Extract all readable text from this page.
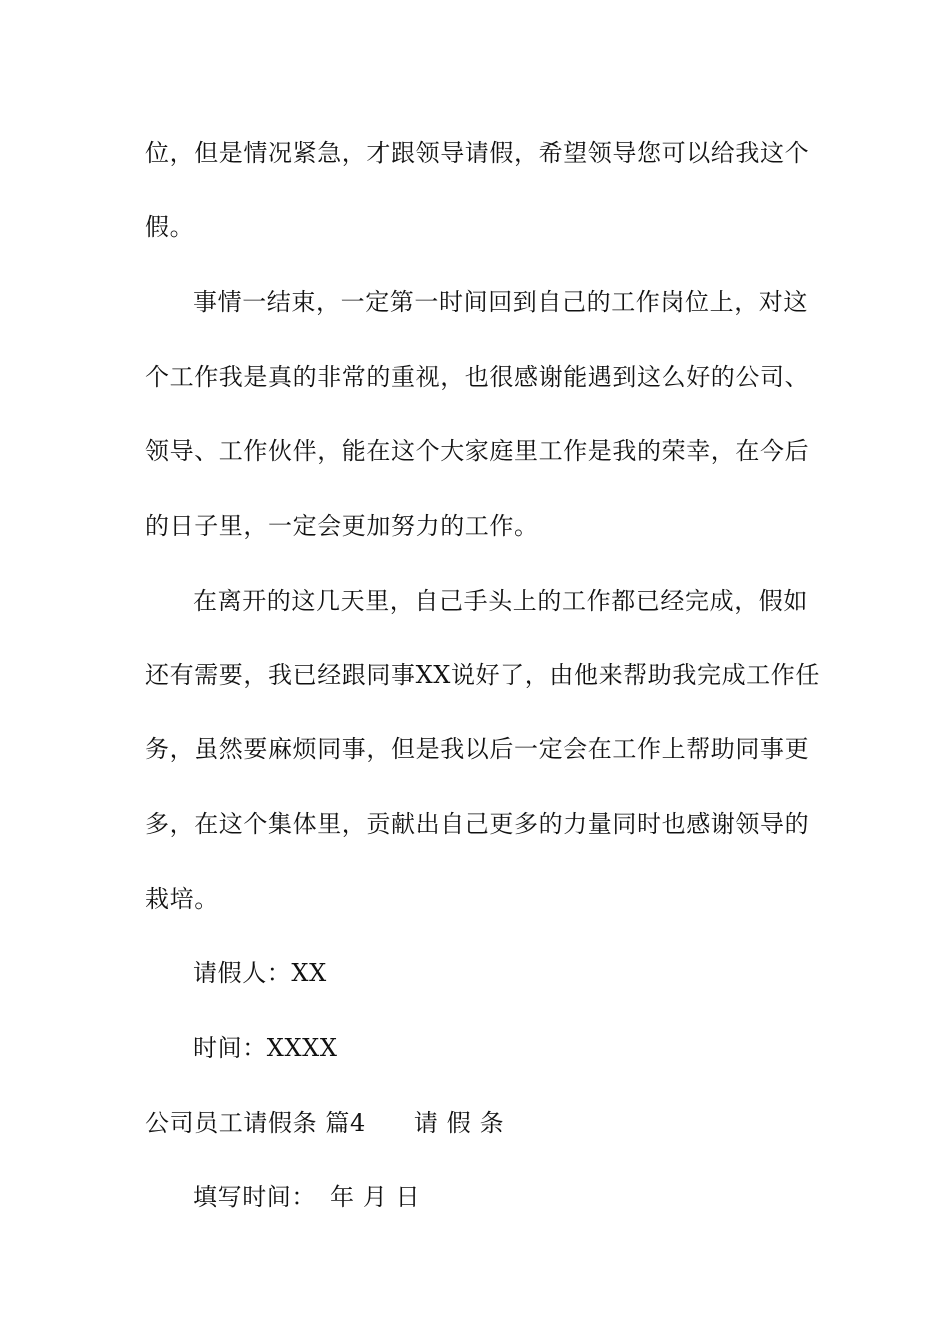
位，但是情况紧急，才跟领导请假，希望领导您可以给我这个
假。
事情一结束，一定第一时间回到自己的工作岗位上，对这
个工作我是真的非常的重视，也很感谢能遇到这么好的公司、
领导、工作伙伴，能在这个大家庭里工作是我的荣幸，在今后
的日子里，一定会更加努力的工作。
在离开的这几天里，自己手头上的工作都已经完成，假如
还有需要，我已经跟同事XX说好了，由他来帮助我完成工作任
务，虽然要麻烦同事，但是我以后一定会在工作上帮助同事更
多，在这个集体里，贡献出自己更多的力量同时也感谢领导的
栽培。
请假人：XX
时间：XXXX
公司员工请假条 篇4 请 假 条
填写时间： 年 月 日
